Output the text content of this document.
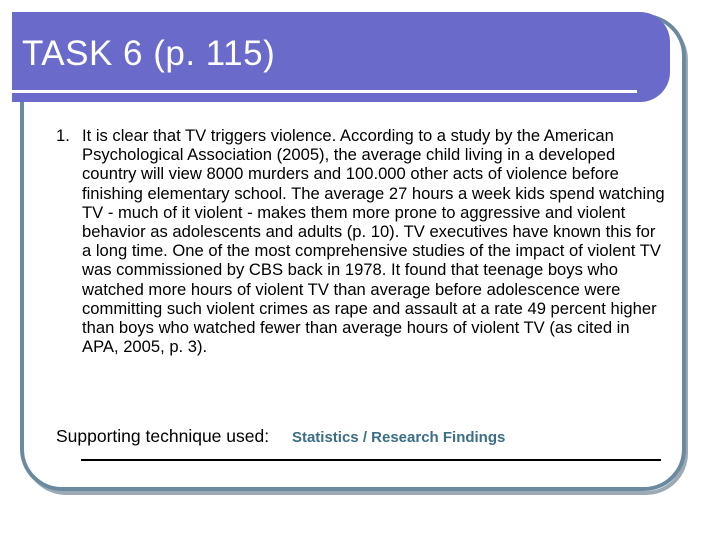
TASK 6 (p. 115)
1. It is clear that TV triggers violence. According to a study by the American Psychological Association (2005), the average child living in a developed country will view 8000 murders and 100.000 other acts of violence before finishing elementary school. The average 27 hours a week kids spend watching TV - much of it violent - makes them more prone to aggressive and violent behavior as adolescents and adults (p. 10). TV executives have known this for a long time. One of the most comprehensive studies of the impact of violent TV was commissioned by CBS back in 1978. It found that teenage boys who watched more hours of violent TV than average before adolescence were committing such violent crimes as rape and assault at a rate 49 percent higher than boys who watched fewer than average hours of violent TV (as cited in APA, 2005, p. 3).
Supporting technique used: Statistics / Research Findings
